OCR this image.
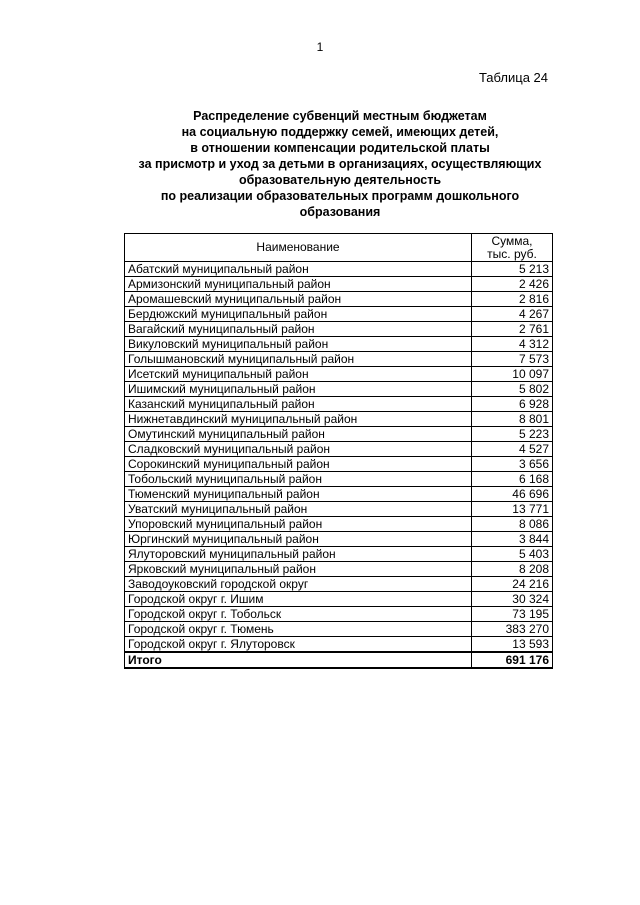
1
Таблица 24
Распределение субвенций местным бюджетам
на социальную поддержку семей, имеющих детей,
в отношении компенсации родительской платы
за присмотр и уход за детьми в организациях, осуществляющих
образовательную деятельность
по реализации образовательных программ дошкольного
образования
Наименование	Сумма,
тыс. руб.
Абатский муниципальный район	5 213
Армизонский муниципальный район	2 426
Аромашевский муниципальный район	2 816
Бердюжский муниципальный район	4 267
Вагайский муниципальный район	2 761
Викуловский муниципальный район	4 312
Голышмановский муниципальный район	7 573
Исетский муниципальный район	10 097
Ишимский муниципальный район	5 802
Казанский муниципальный район	6 928
Нижнетавдинский муниципальный район	8 801
Омутинский муниципальный район	5 223
Сладковский муниципальный район	4 527
Сорокинский муниципальный район	3 656
Тобольский муниципальный район	6 168
Тюменский муниципальный район	46 696
Уватский муниципальный район	13 771
Упоровский муниципальный район	8 086
Юргинский муниципальный район	3 844
Ялуторовский муниципальный район	5 403
Ярковский муниципальный район	8 208
Заводоуковский городской округ	24 216
Городской округ г. Ишим	30 324
Городской округ г. Тобольск	73 195
Городской округ г. Тюмень	383 270
Городской округ г. Ялуторовск	13 593
Итого	691 176
